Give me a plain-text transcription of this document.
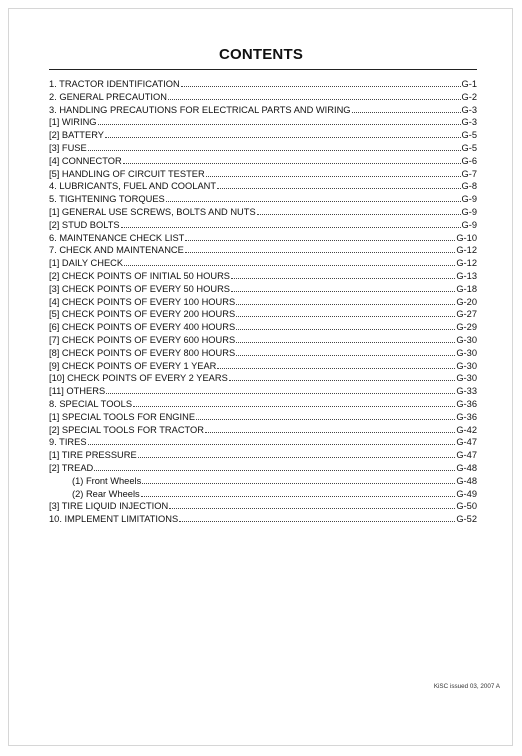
CONTENTS
1. TRACTOR IDENTIFICATION	G-1
2. GENERAL PRECAUTION	G-2
3. HANDLING PRECAUTIONS FOR ELECTRICAL PARTS AND WIRING	G-3
[1] WIRING	G-3
[2] BATTERY	G-5
[3] FUSE	G-5
[4] CONNECTOR	G-6
[5] HANDLING OF CIRCUIT TESTER	G-7
4. LUBRICANTS, FUEL AND COOLANT	G-8
5. TIGHTENING TORQUES	G-9
[1] GENERAL USE SCREWS, BOLTS AND NUTS	G-9
[2] STUD BOLTS	G-9
6. MAINTENANCE CHECK LIST	G-10
7. CHECK AND MAINTENANCE	G-12
[1] DAILY CHECK	G-12
[2] CHECK POINTS OF INITIAL 50 HOURS	G-13
[3] CHECK POINTS OF EVERY 50 HOURS	G-18
[4] CHECK POINTS OF EVERY 100 HOURS	G-20
[5] CHECK POINTS OF EVERY 200 HOURS	G-27
[6] CHECK POINTS OF EVERY 400 HOURS	G-29
[7] CHECK POINTS OF EVERY 600 HOURS	G-30
[8] CHECK POINTS OF EVERY 800 HOURS	G-30
[9] CHECK POINTS OF EVERY 1 YEAR	G-30
[10] CHECK POINTS OF EVERY 2 YEARS	G-30
[11] OTHERS	G-33
8. SPECIAL TOOLS	G-36
[1] SPECIAL TOOLS FOR ENGINE	G-36
[2] SPECIAL TOOLS FOR TRACTOR	G-42
9. TIRES	G-47
[1] TIRE PRESSURE	G-47
[2] TREAD	G-48
(1) Front Wheels	G-48
(2) Rear Wheels	G-49
[3] TIRE LIQUID INJECTION	G-50
10. IMPLEMENT LIMITATIONS	G-52
KiSC issued 03, 2007 A
